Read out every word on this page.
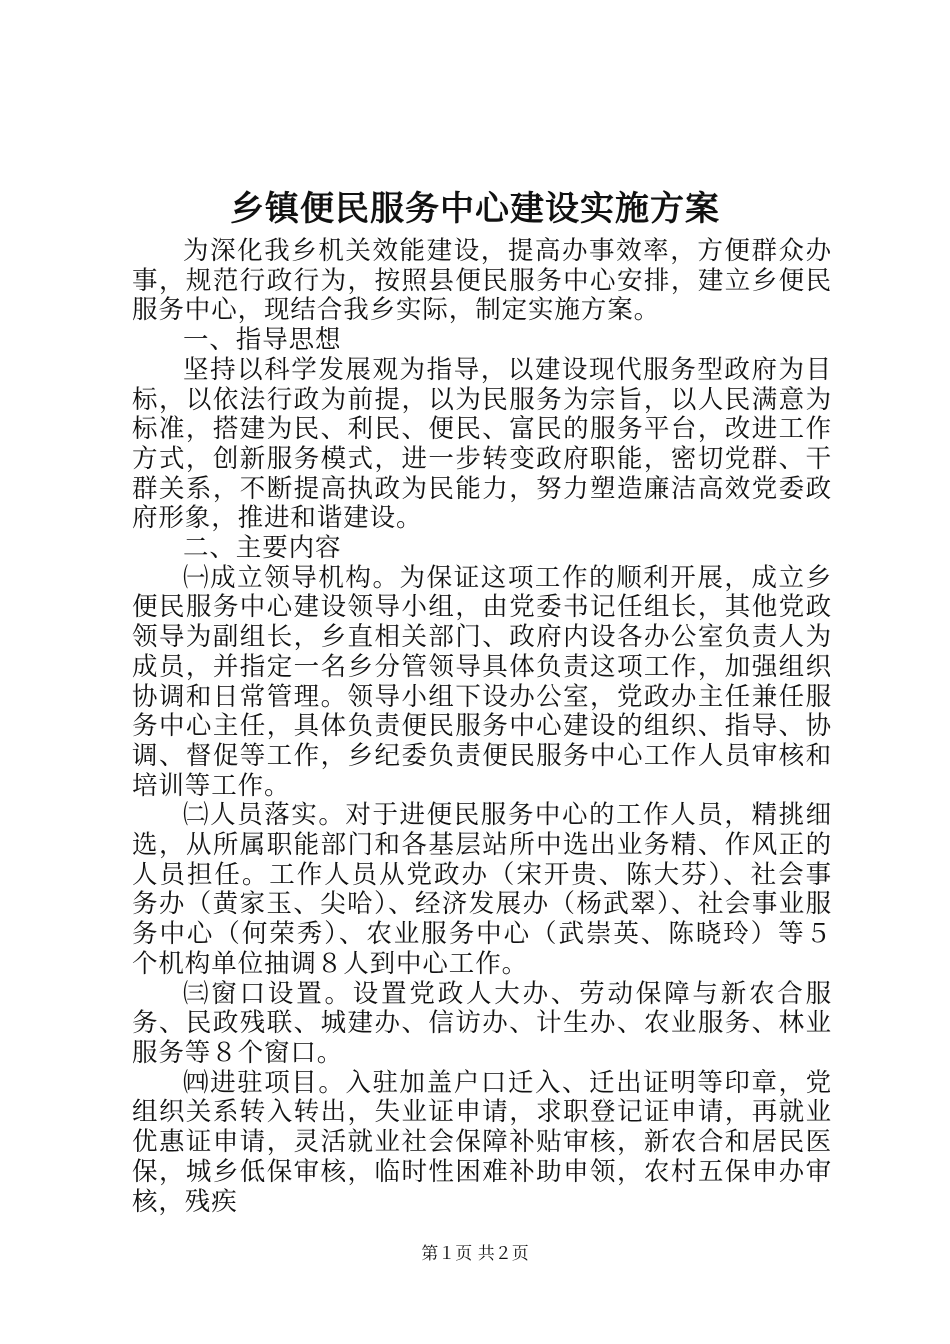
乡镇便民服务中心建设实施方案

为深化我乡机关效能建设，提高办事效率，方便群众办事，规范行政行为，按照县便民服务中心安排，建立乡便民服务中心，现结合我乡实际，制定实施方案。

一、指导思想

坚持以科学发展观为指导，以建设现代服务型政府为目标，以依法行政为前提，以为民服务为宗旨，以人民满意为标准，搭建为民、利民、便民、富民的服务平台，改进工作方式，创新服务模式，进一步转变政府职能，密切党群、干群关系，不断提高执政为民能力，努力塑造廉洁高效党委政府形象，推进和谐建设。

二、主要内容

㈠成立领导机构。为保证这项工作的顺利开展，成立乡便民服务中心建设领导小组，由党委书记任组长，其他党政领导为副组长，乡直相关部门、政府内设各办公室负责人为成员，并指定一名乡分管领导具体负责这项工作，加强组织协调和日常管理。领导小组下设办公室，党政办主任兼任服务中心主任，具体负责便民服务中心建设的组织、指导、协调、督促等工作，乡纪委负责便民服务中心工作人员审核和培训等工作。

㈡人员落实。对于进便民服务中心的工作人员，精挑细选，从所属职能部门和各基层站所中选出业务精、作风正的人员担任。工作人员从党政办（宋开贵、陈大芬）、社会事务办（黄家玉、尖哈）、经济发展办（杨武翠）、社会事业服务中心（何荣秀）、农业服务中心（武崇英、陈晓玲）等５个机构单位抽调８人到中心工作。

㈢窗口设置。设置党政人大办、劳动保障与新农合服务、民政残联、城建办、信访办、计生办、农业服务、林业服务等８个窗口。

㈣进驻项目。入驻加盖户口迁入、迁出证明等印章，党组织关系转入转出，失业证申请，求职登记证申请，再就业优惠证申请，灵活就业社会保障补贴审核，新农合和居民医保，城乡低保审核，临时性困难补助申领，农村五保申办审核，残疾

第１页 共２页
